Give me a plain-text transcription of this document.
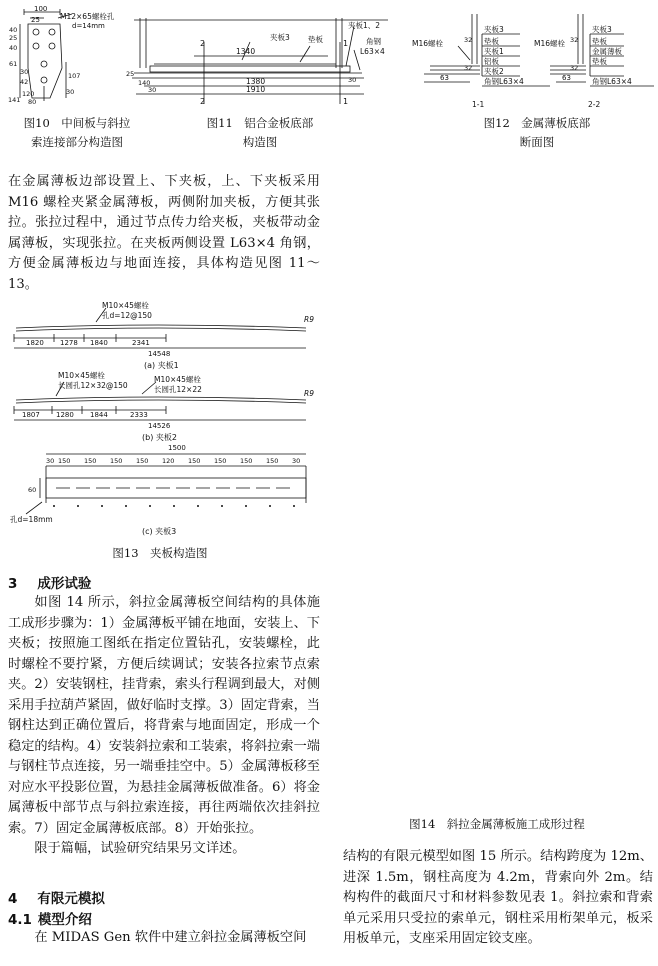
100
25	M12×65螺栓孔
d=14mm
40
25
40
61
30
42
107
30
141
120
80
图10　中间板与斜拉
索连接部分构造图
2	1
1340
夹板3 垫板
夹板1、2
角钢
L63×4
1380
25
140
30	1910
30
2	1
图11　铝合金板底部
构造图
M16螺栓
夹板3
垫板
夹板1
铝板
夹板2
角钢L63×4
32
32
63
1-1
M16螺栓
夹板3
垫板
金属薄板
垫板
角钢L63×4
32
32
63
2-2
图12　金属薄板底部
断面图

在金属薄板边部设置上、下夹板，上、下夹板采用 M16 螺栓夹紧金属薄板，两侧附加夹板，方便其张拉。张拉过程中，通过节点传力给夹板，夹板带动金属薄板，实现张拉。在夹板两侧设置 L63×4 角钢，方便金属薄板边与地面连接，具体构造见图 11～13。

M10×45螺栓
孔d=12@150	R9
1820 1278 1840	2341
14548
(a) 夹板1
M10×45螺栓
长圆孔12×32@150
M10×45螺栓
长圆孔12×22	R9
1807 1280 1844	2333
14526
(b) 夹板2
1500
30 150 150 150 150 120 150 150 150 150 30
60
孔d=18mm
(c) 夹板3
图13　夹板构造图
3 成形试验

如图 14 所示，斜拉金属薄板空间结构的具体施工成形步骤为：1）金属薄板平铺在地面，安装上、下夹板；按照施工图纸在指定位置钻孔，安装螺栓，此时螺栓不要拧紧，方便后续调试；安装各拉索节点索夹。2）安装钢柱，挂背索，索头行程调到最大，对侧采用手拉葫芦紧固，做好临时支撑。3）固定背索，当钢柱达到正确位置后，将背索与地面固定，形成一个稳定的结构。4）安装斜拉索和工装索，将斜拉索一端与钢柱节点连接，另一端垂挂空中。5）金属薄板移至对应水平投影位置，为悬挂金属薄板做准备。6）将金属薄板中部节点与斜拉索连接，再往两端依次挂斜拉索。7）固定金属薄板底部。8）开始张拉。

限于篇幅，试验研究结果另文详述。

4 有限元模拟
4.1 模型介绍

在 MIDAS Gen 软件中建立斜拉金属薄板空间

图14　斜拉金属薄板施工成形过程

结构的有限元模型如图 15 所示。结构跨度为 12m、进深 1.5m，钢柱高度为 4.2m，背索向外 2m。结构构件的截面尺寸和材料参数见表 1。斜拉索和背索单元采用只受拉的索单元，钢柱采用桁架单元，板采用板单元，支座采用固定铰支座。
